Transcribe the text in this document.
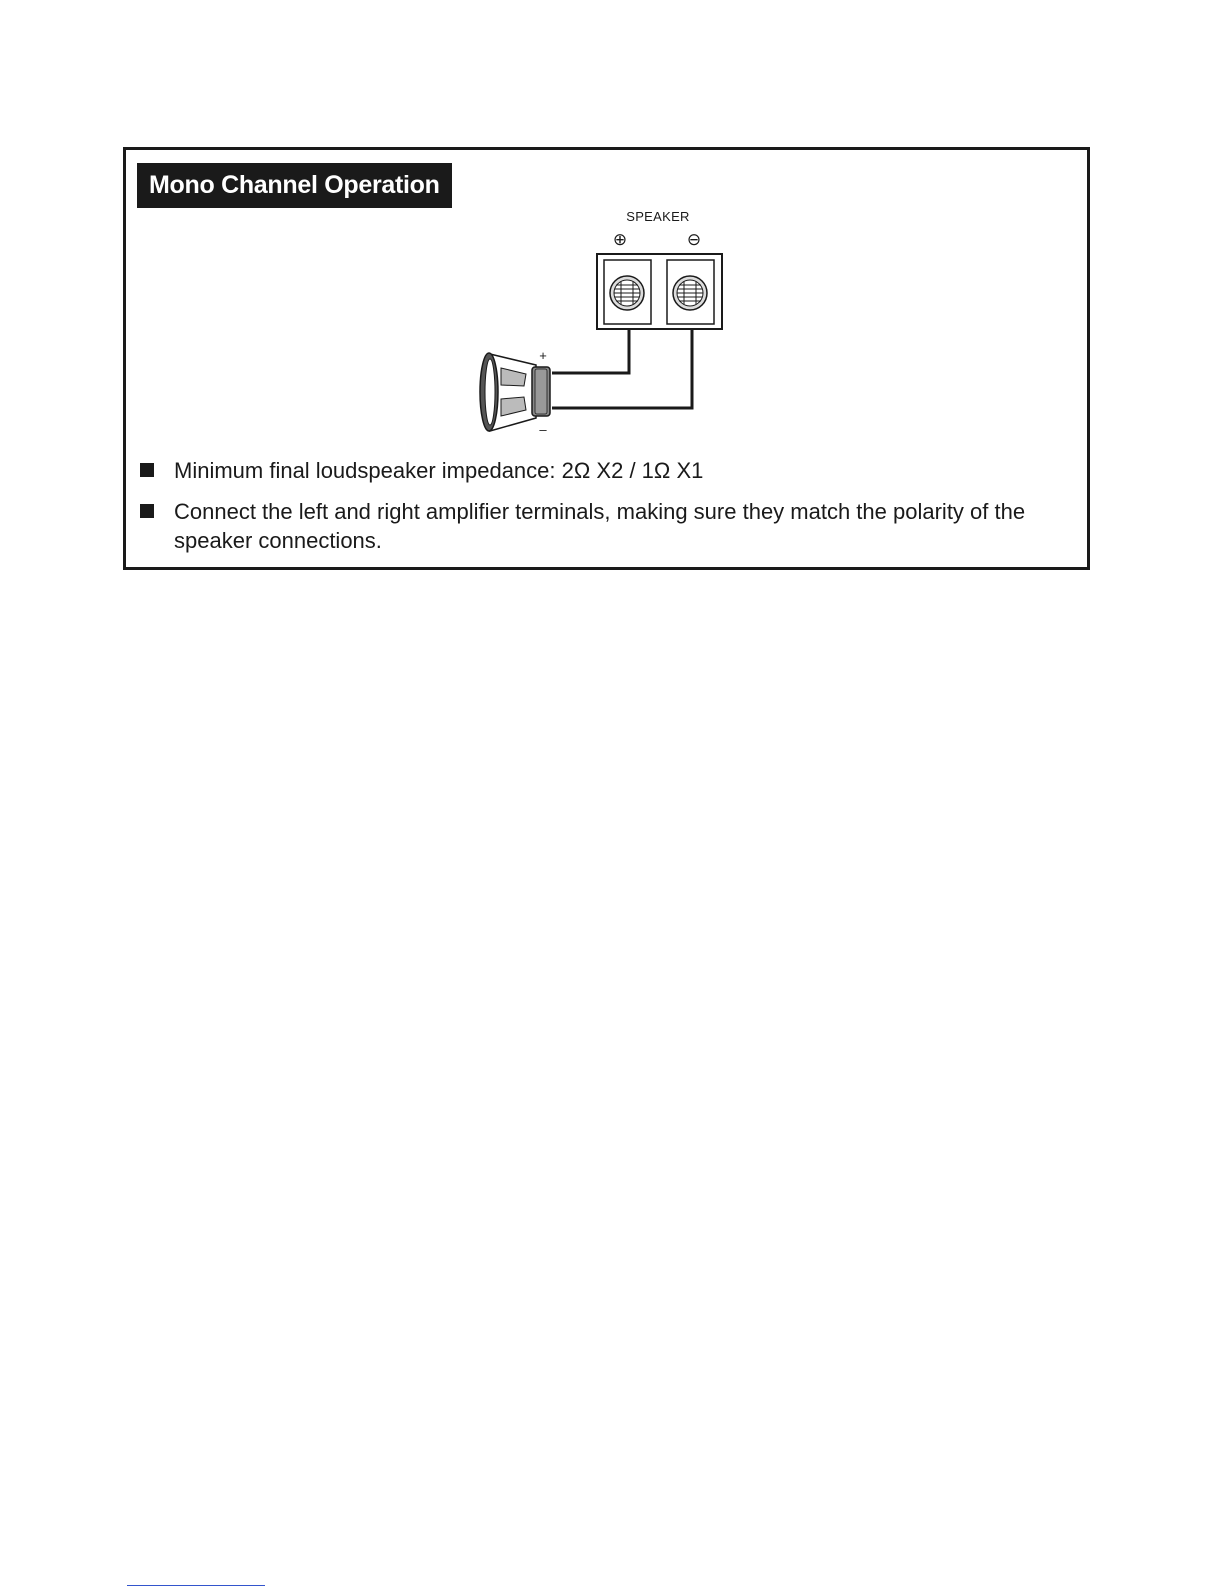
Mono Channel Operation
SPEAKER
⊕	⊖
+
–
Minimum final loudspeaker impedance: 2Ω X2 / 1Ω X1
Connect the left and right amplifier terminals, making sure they match the polarity of the speaker connections.
